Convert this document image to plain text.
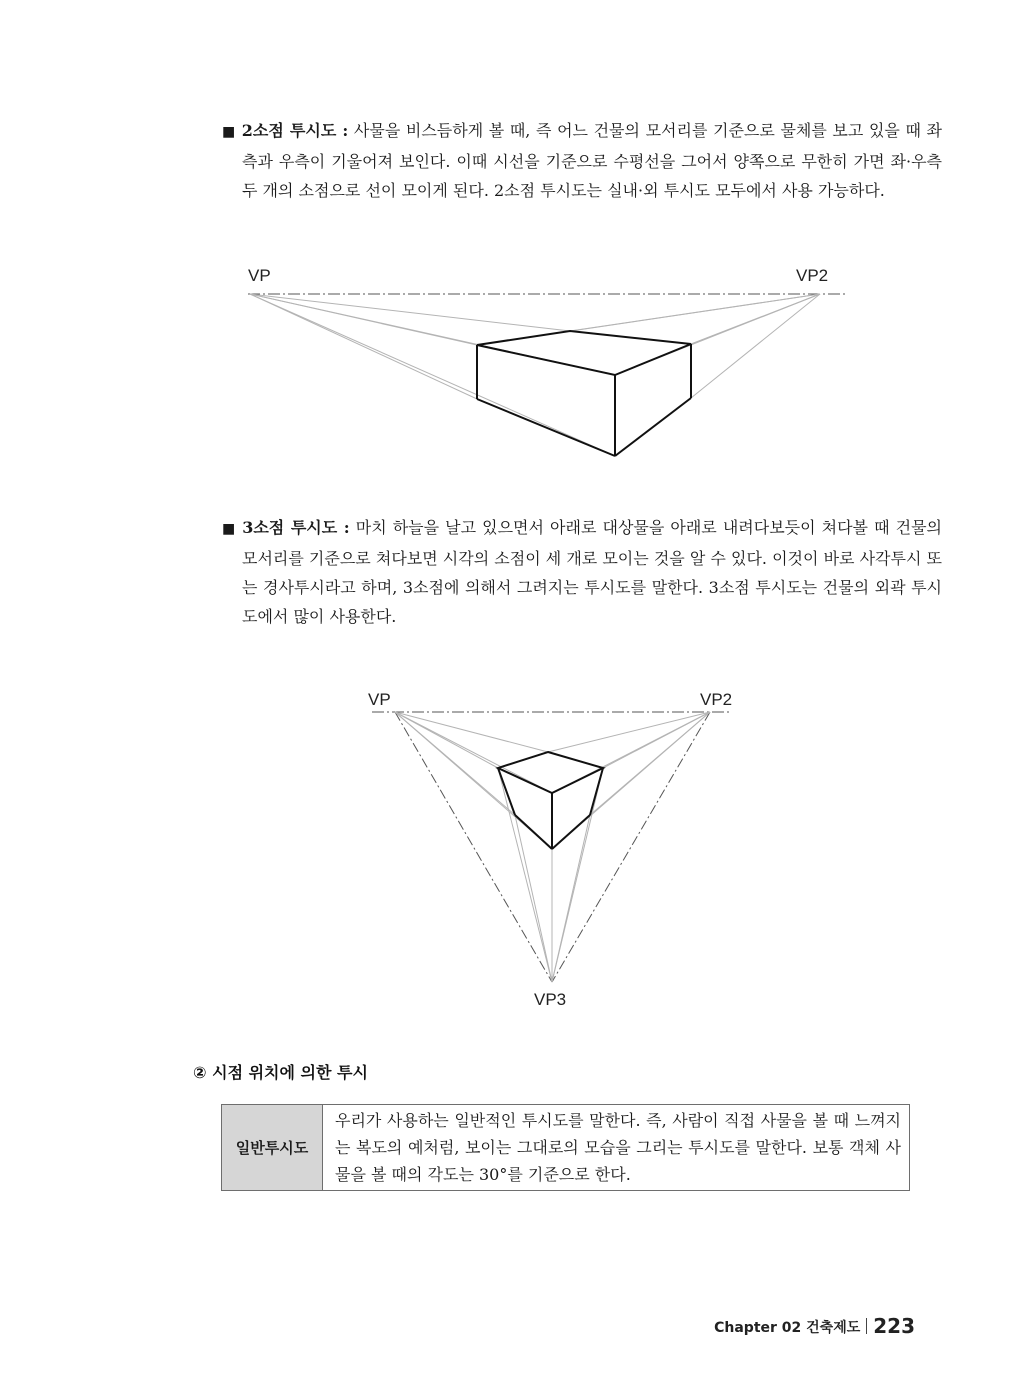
■ 2소점 투시도 : 사물을 비스듬하게 볼 때, 즉 어느 건물의 모서리를 기준으로 물체를 보고 있을 때 좌측과 우측이 기울어져 보인다. 이때 시선을 기준으로 수평선을 그어서 양쪽으로 무한히 가면 좌·우측 두 개의 소점으로 선이 모이게 된다. 2소점 투시도는 실내·외 투시도 모두에서 사용 가능하다.
VP	VP2
VP	VP2
VP3
■ 3소점 투시도 : 마치 하늘을 날고 있으면서 아래로 대상물을 아래로 내려다보듯이 쳐다볼 때 건물의 모서리를 기준으로 쳐다보면 시각의 소점이 세 개로 모이는 것을 알 수 있다. 이것이 바로 사각투시 또는 경사투시라고 하며, 3소점에 의해서 그려지는 투시도를 말한다. 3소점 투시도는 건물의 외곽 투시도에서 많이 사용한다.
② 시점 위치에 의한 투시
일반투시도	우리가 사용하는 일반적인 투시도를 말한다. 즉, 사람이 직접 사물을 볼 때 느껴지는 복도의 예처럼, 보이는 그대로의 모습을 그리는 투시도를 말한다. 보통 객체 사물을 볼 때의 각도는 30°를 기준으로 한다.
Chapter 02 건축제도 223
